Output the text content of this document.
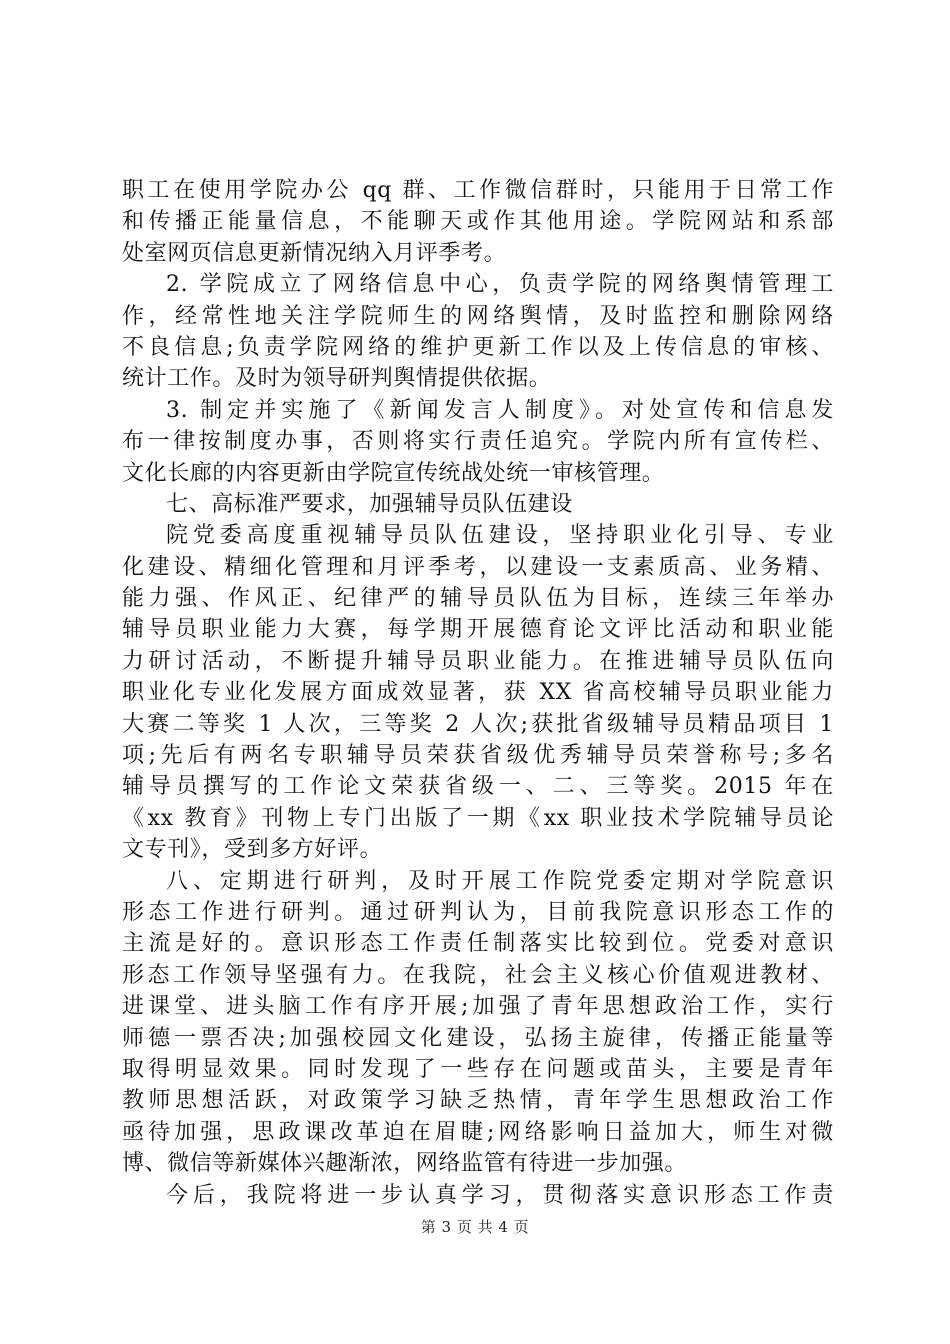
职工在使用学院办公 qq 群、工作微信群时，只能用于日常工作
和传播正能量信息，不能聊天或作其他用途。学院网站和系部
处室网页信息更新情况纳入月评季考。
2. 学院成立了网络信息中心，负责学院的网络舆情管理工
作，经常性地关注学院师生的网络舆情，及时监控和删除网络
不良信息;负责学院网络的维护更新工作以及上传信息的审核、
统计工作。及时为领导研判舆情提供依据。
3. 制定并实施了《新闻发言人制度》。对处宣传和信息发
布一律按制度办事，否则将实行责任追究。学院内所有宣传栏、
文化长廊的内容更新由学院宣传统战处统一审核管理。
七、高标准严要求，加强辅导员队伍建设
院党委高度重视辅导员队伍建设，坚持职业化引导、专业
化建设、精细化管理和月评季考，以建设一支素质高、业务精、
能力强、作风正、纪律严的辅导员队伍为目标，连续三年举办
辅导员职业能力大赛，每学期开展德育论文评比活动和职业能
力研讨活动，不断提升辅导员职业能力。在推进辅导员队伍向
职业化专业化发展方面成效显著，获 XX 省高校辅导员职业能力
大赛二等奖 1 人次，三等奖 2 人次;获批省级辅导员精品项目 1
项;先后有两名专职辅导员荣获省级优秀辅导员荣誉称号;多名
辅导员撰写的工作论文荣获省级一、二、三等奖。2015 年在
《xx 教育》刊物上专门出版了一期《xx 职业技术学院辅导员论
文专刊》，受到多方好评。
八、定期进行研判，及时开展工作院党委定期对学院意识
形态工作进行研判。通过研判认为，目前我院意识形态工作的
主流是好的。意识形态工作责任制落实比较到位。党委对意识
形态工作领导坚强有力。在我院，社会主义核心价值观进教材、
进课堂、进头脑工作有序开展;加强了青年思想政治工作，实行
师德一票否决;加强校园文化建设，弘扬主旋律，传播正能量等
取得明显效果。同时发现了一些存在问题或苗头，主要是青年
教师思想活跃，对政策学习缺乏热情，青年学生思想政治工作
亟待加强，思政课改革迫在眉睫;网络影响日益加大，师生对微
博、微信等新媒体兴趣渐浓，网络监管有待进一步加强。
今后，我院将进一步认真学习，贯彻落实意识形态工作责
第 3 页 共 4 页
